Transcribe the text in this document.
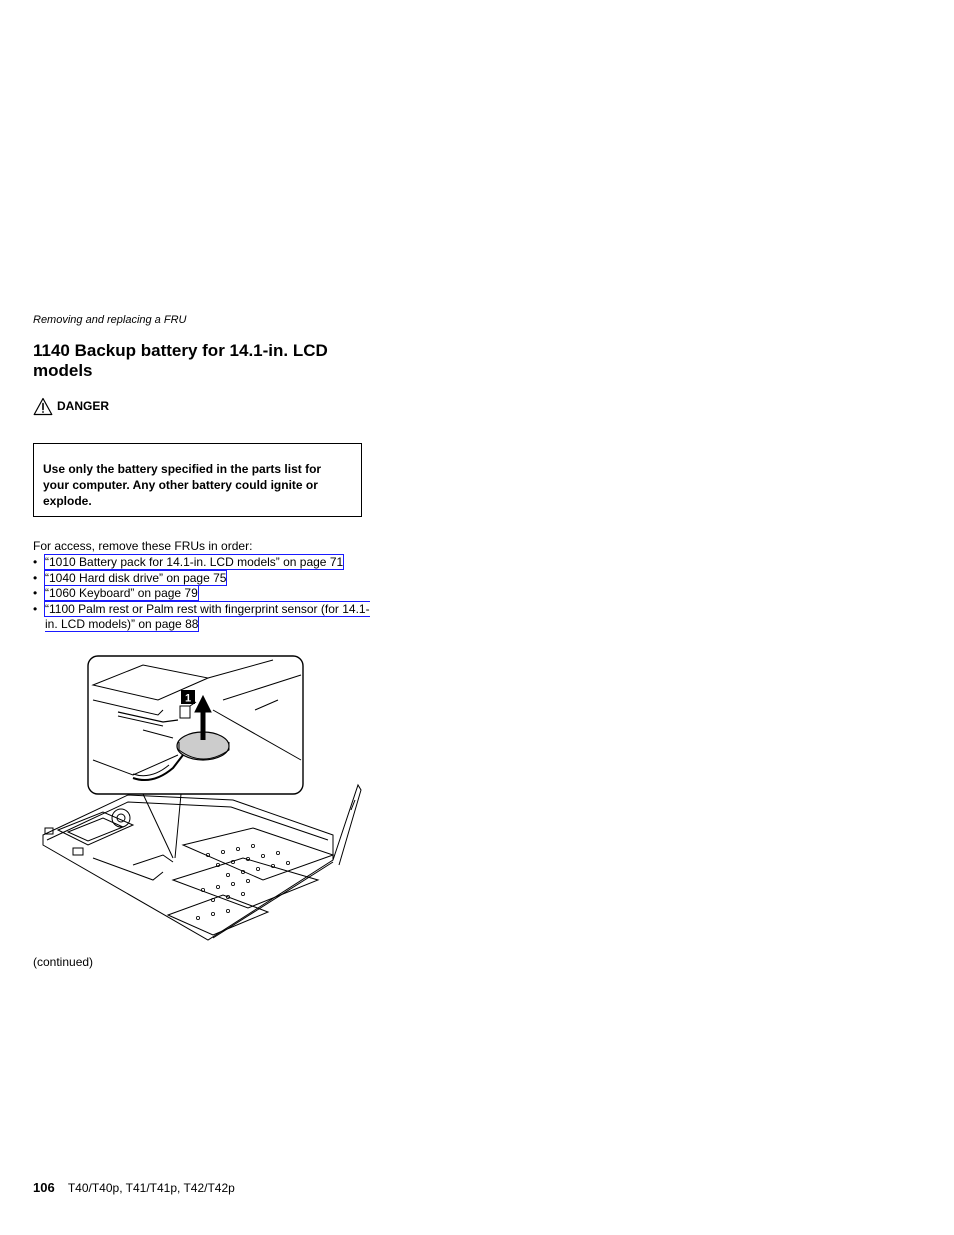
Removing and replacing a FRU
1140 Backup battery for 14.1-in. LCD models
DANGER

Use only the battery specified in the parts list for your computer. Any other battery could ignite or explode.

For access, remove these FRUs in order:
• “1010 Battery pack for 14.1-in. LCD models” on page 71
• “1040 Hard disk drive” on page 75
• “1060 Keyboard” on page 79
• “1100 Palm rest or Palm rest with fingerprint sensor (for 14.1-in. LCD models)” on page 88
1
(continued)
106 T40/T40p, T41/T41p, T42/T42p
